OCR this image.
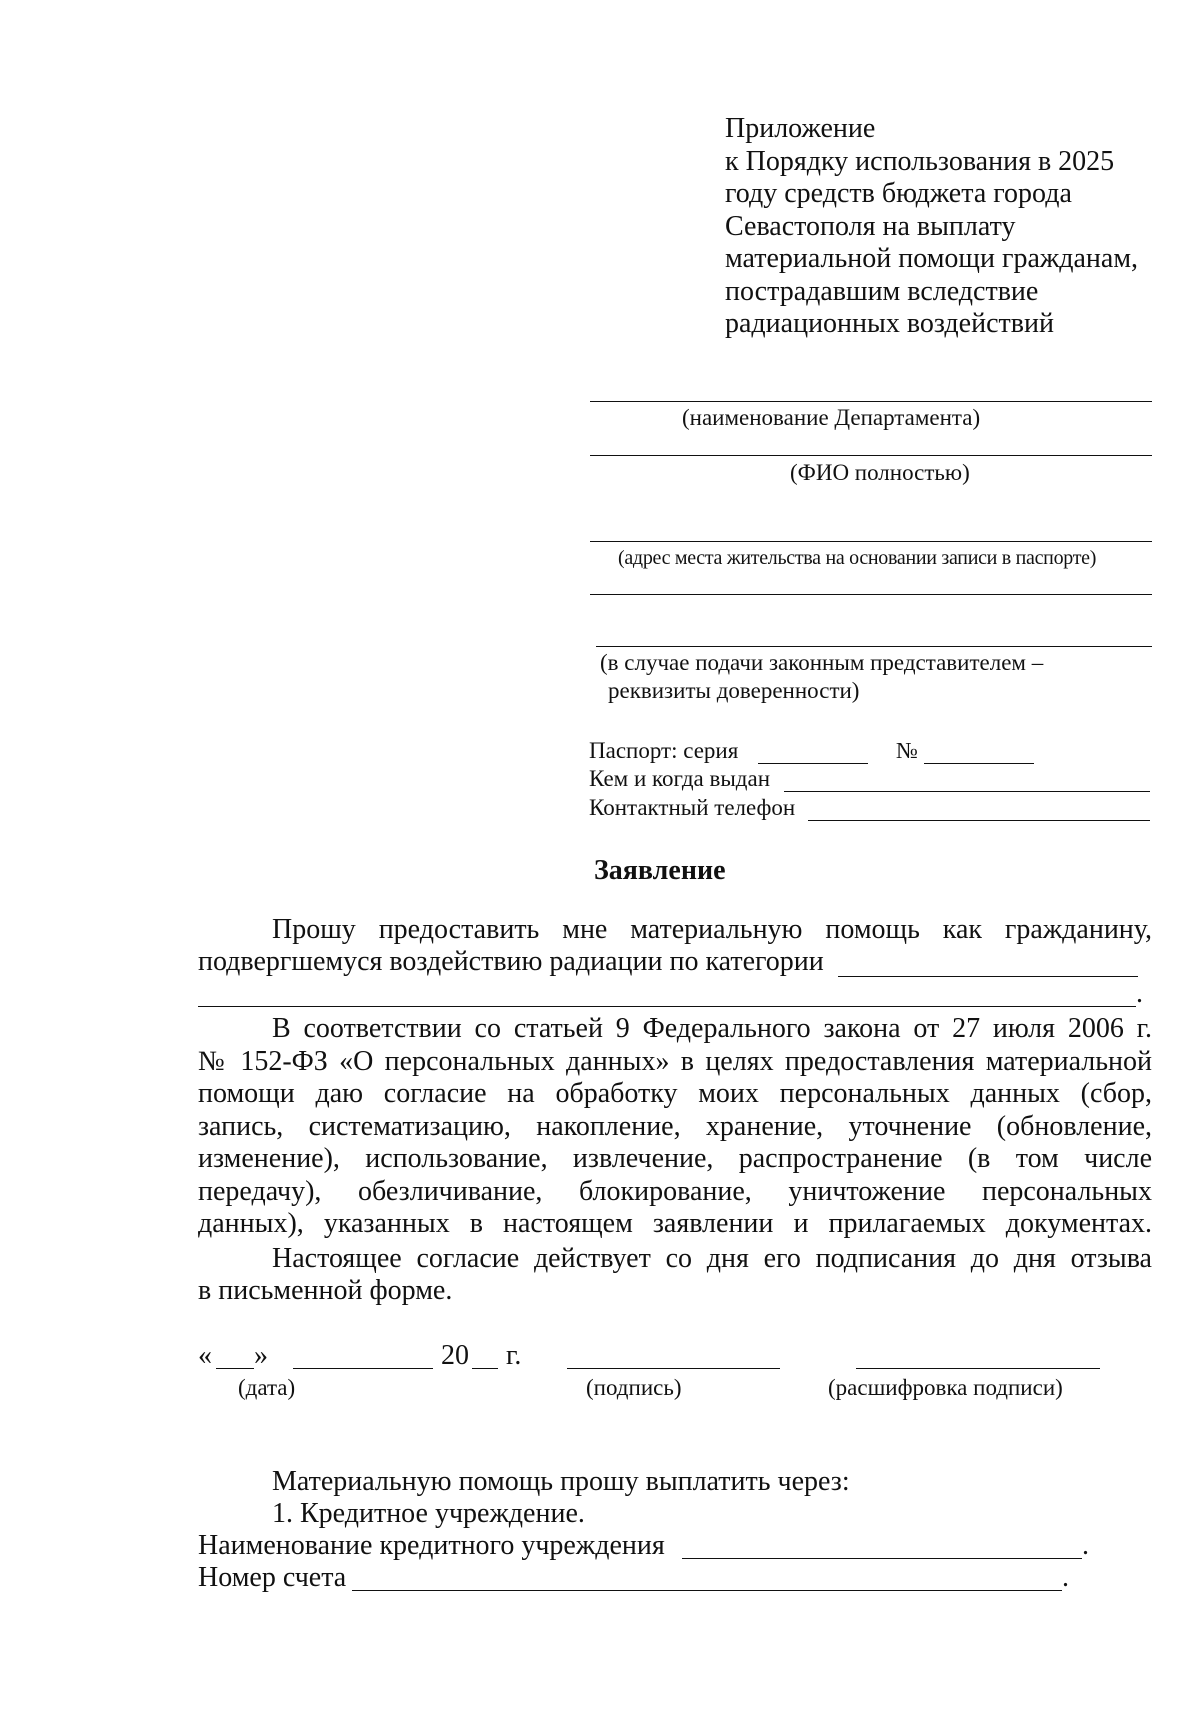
Приложение
к Порядку использования в 2025
году средств бюджета города
Севастополя на выплату
материальной помощи гражданам,
пострадавшим вследствие
радиационных воздействий
(наименование Департамента)
(ФИО полностью)
(адрес места жительства на основании записи в паспорте)
(в случае подачи законным представителем –
реквизиты доверенности)
Паспорт: серия	№
Кем и когда выдан
Контактный телефон
Заявление
Прошу предоставить мне материальную помощь как гражданину,
подвергшемуся воздействию радиации по категории
.
В соответствии со статьей 9 Федерального закона от 27 июля 2006 г.
№ 152-ФЗ «О персональных данных» в целях предоставления материальной
помощи даю согласие на обработку моих персональных данных (сбор,
запись, систематизацию, накопление, хранение, уточнение (обновление,
изменение), использование, извлечение, распространение (в том числе
передачу), обезличивание, блокирование, уничтожение персональных
данных), указанных в настоящем заявлении и прилагаемых документах.
Настоящее согласие действует со дня его подписания до дня отзыва
в письменной форме.
« »	20 г.
(дата)	(подпись)	(расшифровка подписи)
Материальную помощь прошу выплатить через:
1. Кредитное учреждение.
Наименование кредитного учреждения	.
Номер счета	.
